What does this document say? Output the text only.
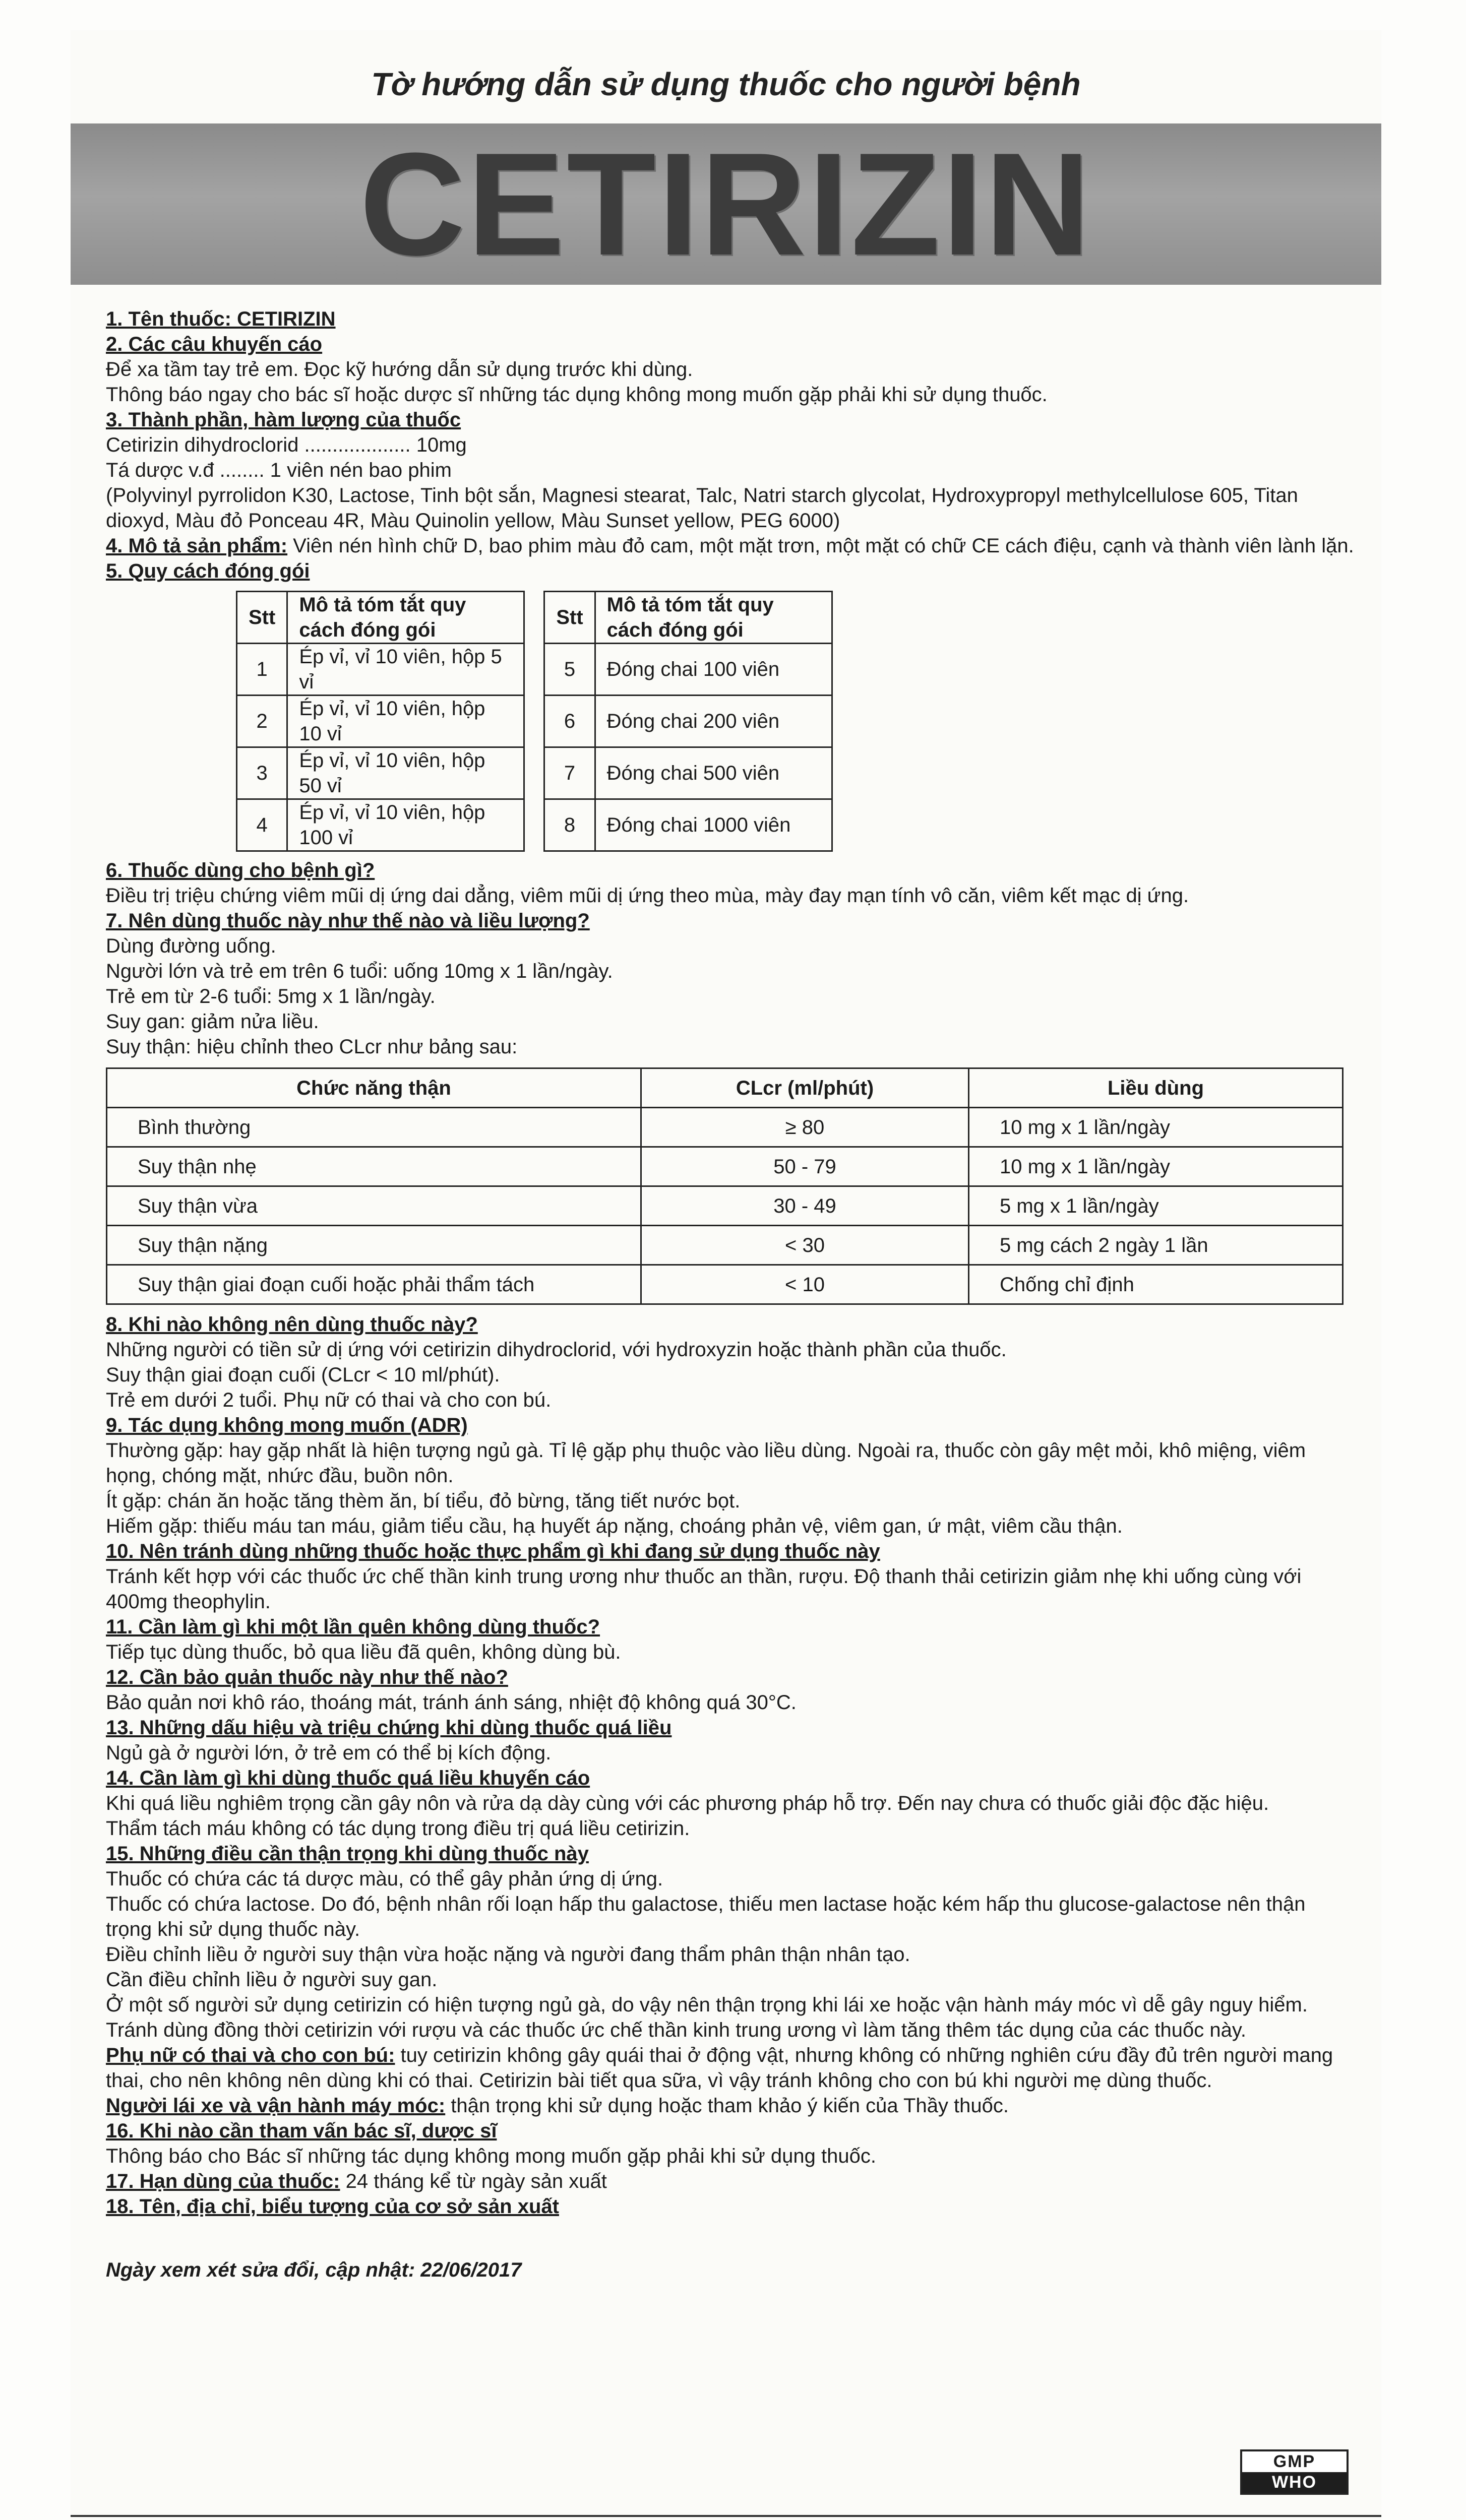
Tờ hướng dẫn sử dụng thuốc cho người bệnh
CETIRIZIN
1. Tên thuốc: CETIRIZIN
2. Các câu khuyến cáo
Để xa tầm tay trẻ em. Đọc kỹ hướng dẫn sử dụng trước khi dùng.
Thông báo ngay cho bác sĩ hoặc dược sĩ những tác dụng không mong muốn gặp phải khi sử dụng thuốc.
3. Thành phần, hàm lượng của thuốc
Cetirizin dihydroclorid ................... 10mg
Tá dược v.đ ........ 1 viên nén bao phim
(Polyvinyl pyrrolidon K30, Lactose, Tinh bột sắn, Magnesi stearat, Talc, Natri starch glycolat, Hydroxypropyl methylcellulose 605, Titan dioxyd, Màu đỏ Ponceau 4R, Màu Quinolin yellow, Màu Sunset yellow, PEG 6000)
4. Mô tả sản phẩm: Viên nén hình chữ D, bao phim màu đỏ cam, một mặt trơn, một mặt có chữ CE cách điệu, cạnh và thành viên lành lặn.
5. Quy cách đóng gói
Stt	Mô tả tóm tắt quy cách đóng gói		Stt	Mô tả tóm tắt quy cách đóng gói
1	Ép vỉ, vỉ 10 viên, hộp 5 vỉ		5	Đóng chai 100 viên
2	Ép vỉ, vỉ 10 viên, hộp 10 vỉ		6	Đóng chai 200 viên
3	Ép vỉ, vỉ 10 viên, hộp 50 vỉ		7	Đóng chai 500 viên
4	Ép vỉ, vỉ 10 viên, hộp 100 vỉ		8	Đóng chai 1000 viên
6. Thuốc dùng cho bệnh gì?
Điều trị triệu chứng viêm mũi dị ứng dai dẳng, viêm mũi dị ứng theo mùa, mày đay mạn tính vô căn, viêm kết mạc dị ứng.
7. Nên dùng thuốc này như thế nào và liều lượng?
Dùng đường uống.
Người lớn và trẻ em trên 6 tuổi: uống 10mg x 1 lần/ngày.
Trẻ em từ 2-6 tuổi: 5mg x 1 lần/ngày.
Suy gan: giảm nửa liều.
Suy thận: hiệu chỉnh theo CLcr như bảng sau:
Chức năng thận	CLcr (ml/phút)	Liều dùng
Bình thường	≥ 80	10 mg x 1 lần/ngày
Suy thận nhẹ	50 - 79	10 mg x 1 lần/ngày
Suy thận vừa	30 - 49	5 mg x 1 lần/ngày
Suy thận nặng	< 30	5 mg cách 2 ngày 1 lần
Suy thận giai đoạn cuối hoặc phải thẩm tách	< 10	Chống chỉ định
8. Khi nào không nên dùng thuốc này?
Những người có tiền sử dị ứng với cetirizin dihydroclorid, với hydroxyzin hoặc thành phần của thuốc.
Suy thận giai đoạn cuối (CLcr < 10 ml/phút).
Trẻ em dưới 2 tuổi. Phụ nữ có thai và cho con bú.
9. Tác dụng không mong muốn (ADR)
Thường gặp: hay gặp nhất là hiện tượng ngủ gà. Tỉ lệ gặp phụ thuộc vào liều dùng. Ngoài ra, thuốc còn gây mệt mỏi, khô miệng, viêm họng, chóng mặt, nhức đầu, buồn nôn.
Ít gặp: chán ăn hoặc tăng thèm ăn, bí tiểu, đỏ bừng, tăng tiết nước bọt.
Hiếm gặp: thiếu máu tan máu, giảm tiểu cầu, hạ huyết áp nặng, choáng phản vệ, viêm gan, ứ mật, viêm cầu thận.
10. Nên tránh dùng những thuốc hoặc thực phẩm gì khi đang sử dụng thuốc này
Tránh kết hợp với các thuốc ức chế thần kinh trung ương như thuốc an thần, rượu. Độ thanh thải cetirizin giảm nhẹ khi uống cùng với 400mg theophylin.
11. Cần làm gì khi một lần quên không dùng thuốc?
Tiếp tục dùng thuốc, bỏ qua liều đã quên, không dùng bù.
12. Cần bảo quản thuốc này như thế nào?
Bảo quản nơi khô ráo, thoáng mát, tránh ánh sáng, nhiệt độ không quá 30°C.
13. Những dấu hiệu và triệu chứng khi dùng thuốc quá liều
Ngủ gà ở người lớn, ở trẻ em có thể bị kích động.
14. Cần làm gì khi dùng thuốc quá liều khuyến cáo
Khi quá liều nghiêm trọng cần gây nôn và rửa dạ dày cùng với các phương pháp hỗ trợ. Đến nay chưa có thuốc giải độc đặc hiệu.
Thẩm tách máu không có tác dụng trong điều trị quá liều cetirizin.
15. Những điều cần thận trọng khi dùng thuốc này
Thuốc có chứa các tá dược màu, có thể gây phản ứng dị ứng.
Thuốc có chứa lactose. Do đó, bệnh nhân rối loạn hấp thu galactose, thiếu men lactase hoặc kém hấp thu glucose-galactose nên thận trọng khi sử dụng thuốc này.
Điều chỉnh liều ở người suy thận vừa hoặc nặng và người đang thẩm phân thận nhân tạo.
Cần điều chỉnh liều ở người suy gan.
Ở một số người sử dụng cetirizin có hiện tượng ngủ gà, do vậy nên thận trọng khi lái xe hoặc vận hành máy móc vì dễ gây nguy hiểm.
Tránh dùng đồng thời cetirizin với rượu và các thuốc ức chế thần kinh trung ương vì làm tăng thêm tác dụng của các thuốc này.
Phụ nữ có thai và cho con bú: tuy cetirizin không gây quái thai ở động vật, nhưng không có những nghiên cứu đầy đủ trên người mang thai, cho nên không nên dùng khi có thai. Cetirizin bài tiết qua sữa, vì vậy tránh không cho con bú khi người mẹ dùng thuốc.
Người lái xe và vận hành máy móc: thận trọng khi sử dụng hoặc tham khảo ý kiến của Thầy thuốc.
16. Khi nào cần tham vấn bác sĩ, dược sĩ
Thông báo cho Bác sĩ những tác dụng không mong muốn gặp phải khi sử dụng thuốc.
17. Hạn dùng của thuốc: 24 tháng kể từ ngày sản xuất
18. Tên, địa chỉ, biểu tượng của cơ sở sản xuất
Ngày xem xét sửa đổi, cập nhật: 22/06/2017
GMP
WHO
